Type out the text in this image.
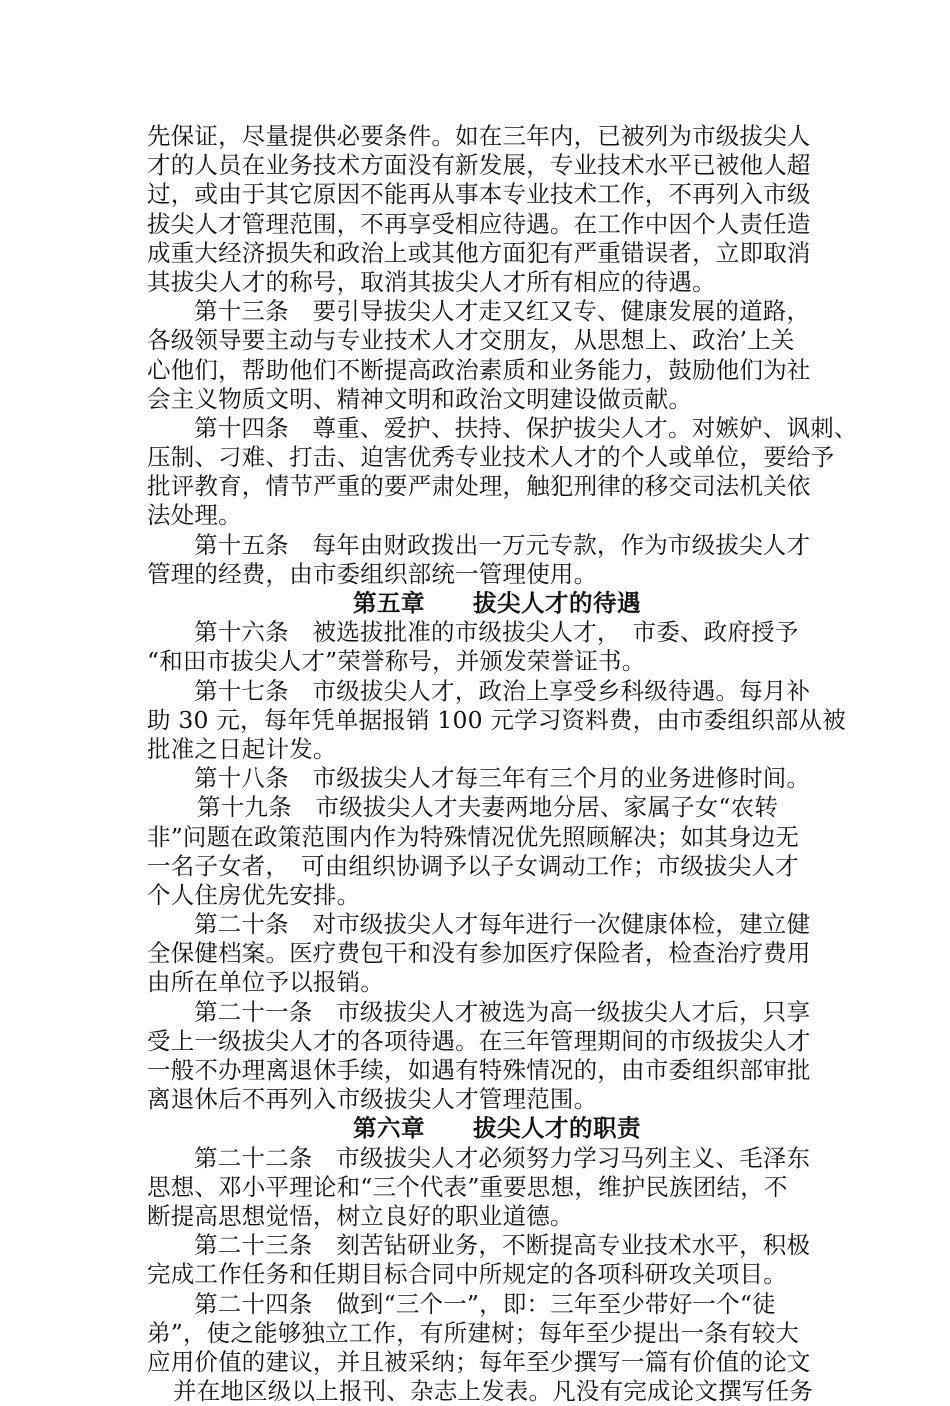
先保证，尽量提供必要条件。如在三年内，已被列为市级拔尖人
才的人员在业务技术方面没有新发展，专业技术水平已被他人超
过，或由于其它原因不能再从事本专业技术工作，不再列入市级
拔尖人才管理范围，不再享受相应待遇。在工作中因个人责任造
成重大经济损失和政治上或其他方面犯有严重错误者，立即取消
其拔尖人才的称号，取消其拔尖人才所有相应的待遇。
第十三条　要引导拔尖人才走又红又专、健康发展的道路，
各级领导要主动与专业技术人才交朋友，从思想上、政治’上关
心他们，帮助他们不断提高政治素质和业务能力，鼓励他们为社
会主义物质文明、精神文明和政治文明建设做贡献。
第十四条　尊重、爱护、扶持、保护拔尖人才。对嫉妒、讽刺、
压制、刁难、打击、迫害优秀专业技术人才的个人或单位，要给予
批评教育，情节严重的要严肃处理，触犯刑律的移交司法机关依
法处理。
第十五条　每年由财政拨出一万元专款，作为市级拔尖人才
管理的经费，由市委组织部统一管理使用。
第五章　　拔尖人才的待遇
第十六条　被选拔批准的市级拔尖人才，　市委、政府授予
“和田市拔尖人才”荣誉称号，并颁发荣誉证书。
第十七条　市级拔尖人才，政治上享受乡科级待遇。每月补
助 30 元，每年凭单据报销 100 元学习资料费，由市委组织部从被
批准之日起计发。
第十八条　市级拔尖人才每三年有三个月的业务进修时间。
第十九条　市级拔尖人才夫妻两地分居、家属子女“农转
非”问题在政策范围内作为特殊情况优先照顾解决；如其身边无
一名子女者，　可由组织协调予以子女调动工作；市级拔尖人才
个人住房优先安排。
第二十条　对市级拔尖人才每年进行一次健康体检，建立健
全保健档案。医疗费包干和没有参加医疗保险者，检查治疗费用
由所在单位予以报销。
第二十一条　市级拔尖人才被选为高一级拔尖人才后，只享
受上一级拔尖人才的各项待遇。在三年管理期间的市级拔尖人才
一般不办理离退休手续，如遇有特殊情况的，由市委组织部审批
离退休后不再列入市级拔尖人才管理范围。
第六章　　拔尖人才的职责
第二十二条　市级拔尖人才必须努力学习马列主义、毛泽东
思想、邓小平理论和“三个代表”重要思想，维护民族团结，不
断提高思想觉悟，树立良好的职业道德。
第二十三条　刻苦钻研业务，不断提高专业技术水平，积极
完成工作任务和任期目标合同中所规定的各项科研攻关项目。
第二十四条　做到“三个一”，即：三年至少带好一个“徒
弟”，使之能够独立工作，有所建树；每年至少提出一条有较大
应用价值的建议，并且被采纳；每年至少撰写一篇有价值的论文
并在地区级以上报刊、杂志上发表。凡没有完成论文撰写任务
